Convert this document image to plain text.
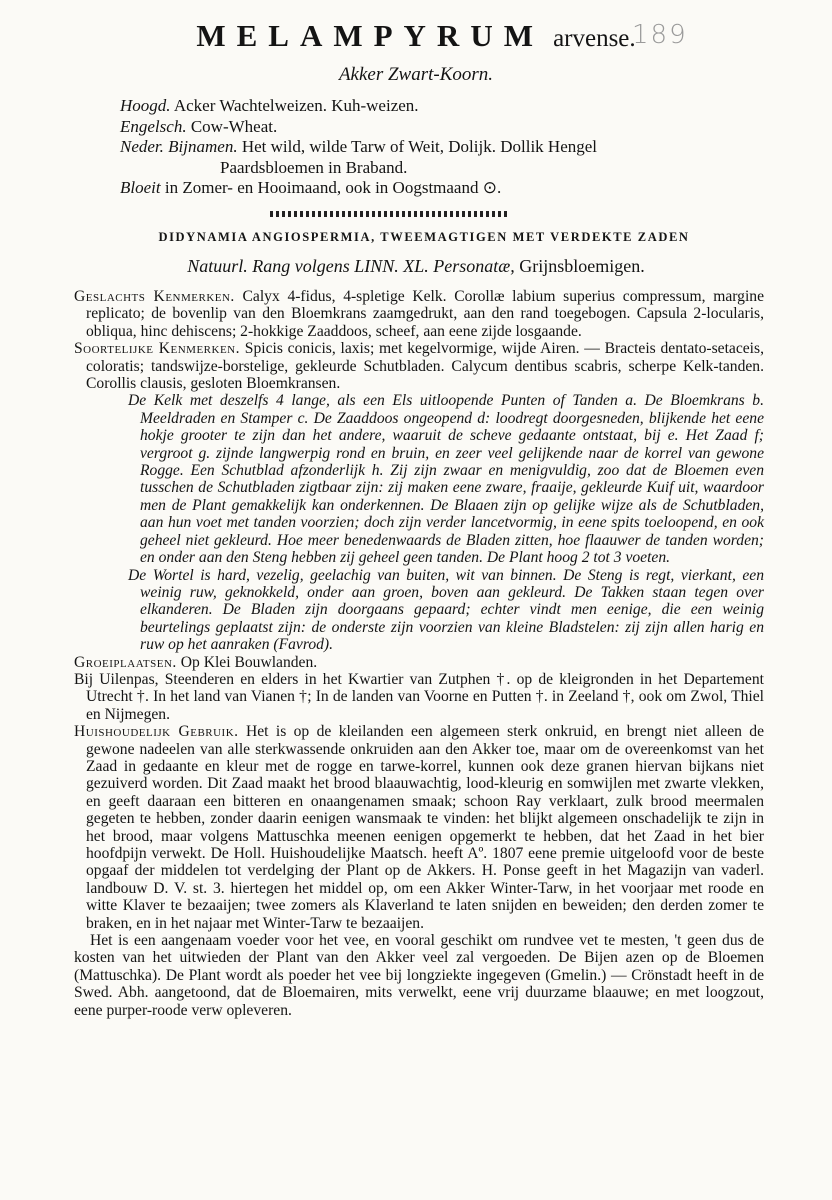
MELAMPYRUM arvense.
189
Akker Zwart-Koorn.
Hoogd. Acker Wachtelweizen. Kuh-weizen.
Engelsch. Cow-Wheat.
Neder. Bijnamen. Het wild, wilde Tarw of Weit, Dolijk. Dollik Hengel
Paardsbloemen in Braband.
Bloeit in Zomer- en Hooimaand, ook in Oogstmaand ⊙.
DIDYNAMIA ANGIOSPERMIA, TWEEMAGTIGEN MET VERDEKTE ZADEN
Natuurl. Rang volgens LINN. XL. Personatæ, Grijnsbloemigen.

Geslachts Kenmerken. Calyx 4-fidus, 4-spletige Kelk. Corollæ labium superius compressum, margine replicato; de bovenlip van den Bloemkrans zaamgedrukt, aan den rand toegebogen. Capsula 2-locularis, obliqua, hinc dehiscens; 2-hokkige Zaaddoos, scheef, aan eene zijde losgaande.

Soortelijke Kenmerken. Spicis conicis, laxis; met kegelvormige, wijde Airen. — Bracteis dentato-setaceis, coloratis; tandswijze-borstelige, gekleurde Schutbladen. Calycum dentibus scabris, scherpe Kelk-tanden. Corollis clausis, gesloten Bloemkransen.

De Kelk met deszelfs 4 lange, als een Els uitloopende Punten of Tanden a. De Bloemkrans b. Meeldraden en Stamper c. De Zaaddoos ongeopend d: loodregt doorgesneden, blijkende het eene hokje grooter te zijn dan het andere, waaruit de scheve gedaante ontstaat, bij e. Het Zaad f; vergroot g. zijnde langwerpig rond en bruin, en zeer veel gelijkende naar de korrel van gewone Rogge. Een Schutblad afzonderlijk h. Zij zijn zwaar en menigvuldig, zoo dat de Bloemen even tusschen de Schutbladen zigtbaar zijn: zij maken eene zware, fraaije, gekleurde Kuif uit, waardoor men de Plant gemakkelijk kan onderkennen. De Blaaen zijn op gelijke wijze als de Schutbladen, aan hun voet met tanden voorzien; doch zijn verder lancetvormig, in eene spits toeloopend, en ook geheel niet gekleurd. Hoe meer benedenwaards de Bladen zitten, hoe flaauwer de tanden worden; en onder aan den Steng hebben zij geheel geen tanden. De Plant hoog 2 tot 3 voeten.

De Wortel is hard, vezelig, geelachig van buiten, wit van binnen. De Steng is regt, vierkant, een weinig ruw, geknokkeld, onder aan groen, boven aan gekleurd. De Takken staan tegen over elkanderen. De Bladen zijn doorgaans gepaard; echter vindt men eenige, die een weinig beurtelings geplaatst zijn: de onderste zijn voorzien van kleine Bladstelen: zij zijn allen harig en ruw op het aanraken (Favrod).

Groeiplaatsen. Op Klei Bouwlanden.

Bij Uilenpas, Steenderen en elders in het Kwartier van Zutphen †. op de kleigronden in het Departement Utrecht †. In het land van Vianen †; In de landen van Voorne en Putten †. in Zeeland †, ook om Zwol, Thiel en Nijmegen.

Huishoudelijk Gebruik. Het is op de kleilanden een algemeen sterk onkruid, en brengt niet alleen de gewone nadeelen van alle sterkwassende onkruiden aan den Akker toe, maar om de overeenkomst van het Zaad in gedaante en kleur met de rogge en tarwe-korrel, kunnen ook deze granen hiervan bijkans niet gezuiverd worden. Dit Zaad maakt het brood blaauwachtig, lood-kleurig en somwijlen met zwarte vlekken, en geeft daaraan een bitteren en onaangenamen smaak; schoon Ray verklaart, zulk brood meermalen gegeten te hebben, zonder daarin eenigen wansmaak te vinden: het blijkt algemeen onschadelijk te zijn in het brood, maar volgens Mattuschka meenen eenigen opgemerkt te hebben, dat het Zaad in het bier hoofdpijn verwekt. De Holl. Huishoudelijke Maatsch. heeft Aº. 1807 eene premie uitgeloofd voor de beste opgaaf der middelen tot verdelging der Plant op de Akkers. H. Ponse geeft in het Magazijn van vaderl. landbouw D. V. st. 3. hiertegen het middel op, om een Akker Winter-Tarw, in het voorjaar met roode en witte Klaver te bezaaijen; twee zomers als Klaverland te laten snijden en beweiden; den derden zomer te braken, en in het najaar met Winter-Tarw te bezaaijen.

Het is een aangenaam voeder voor het vee, en vooral geschikt om rundvee vet te mesten, 't geen dus de kosten van het uitwieden der Plant van den Akker veel zal vergoeden. De Bijen azen op de Bloemen (Mattuschka). De Plant wordt als poeder het vee bij longziekte ingegeven (Gmelin.) — Crönstadt heeft in de Swed. Abh. aangetoond, dat de Bloemairen, mits verwelkt, eene vrij duurzame blaauwe; en met loogzout, eene purper-roode verw opleveren.
